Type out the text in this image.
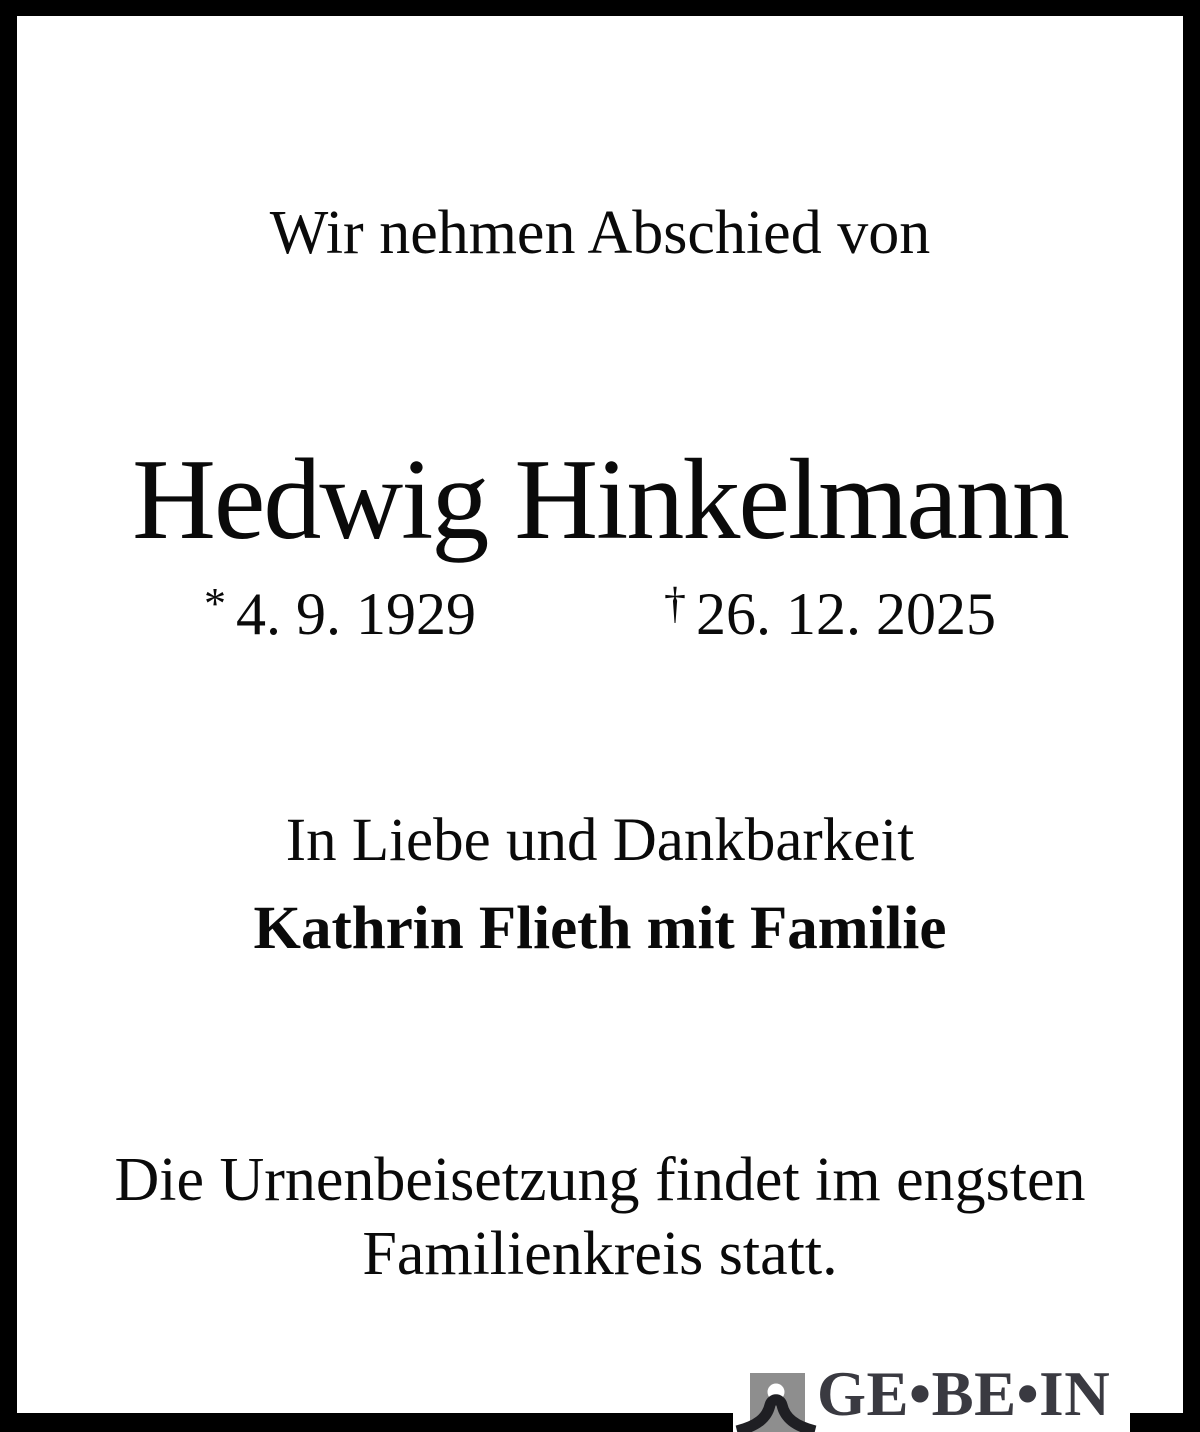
Wir nehmen Abschied von
Hedwig Hinkelmann
* 4. 9. 1929	† 26. 12. 2025
In Liebe und Dankbarkeit
Kathrin Flieth mit Familie
Die Urnenbeisetzung findet im engsten
Familienkreis statt.
GE•BE•IN
